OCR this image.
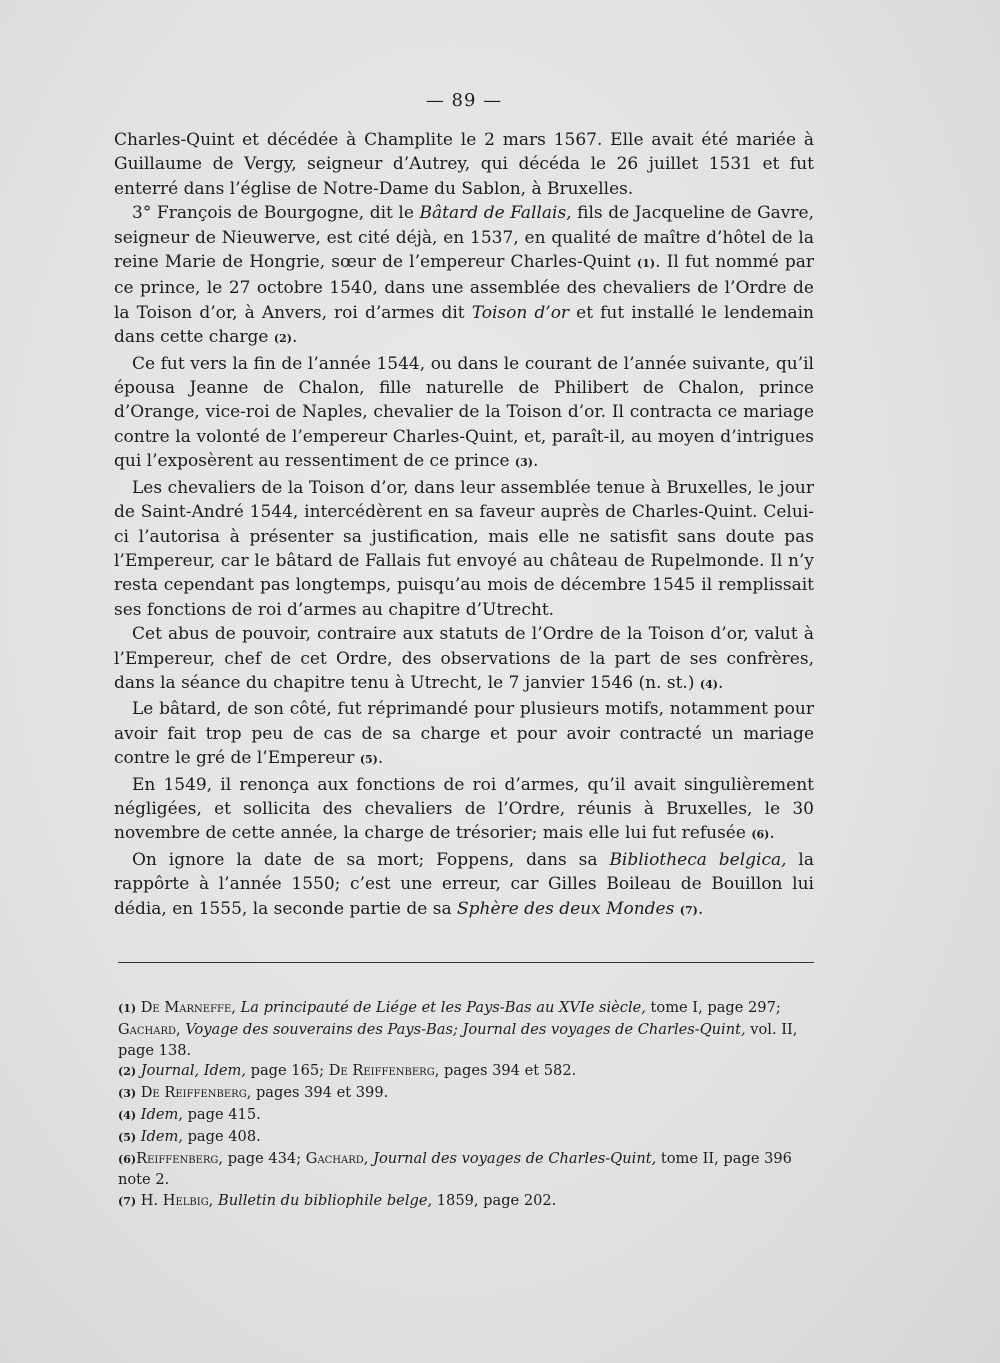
— 89 —

Charles-Quint et décédée à Champlite le 2 mars 1567. Elle avait été mariée à Guillaume de Vergy, seigneur d’Autrey, qui décéda le 26 juillet 1531 et fut enterré dans l’église de Notre-Dame du Sablon, à Bruxelles.

3° François de Bourgogne, dit le Bâtard de Fallais, fils de Jacqueline de Gavre, seigneur de Nieuwerve, est cité déjà, en 1537, en qualité de maître d’hôtel de la reine Marie de Hongrie, sœur de l’empereur Charles-Quint (1). Il fut nommé par ce prince, le 27 octobre 1540, dans une assemblée des chevaliers de l’Ordre de la Toison d’or, à Anvers, roi d’armes dit Toison d’or et fut installé le lendemain dans cette charge (2).

Ce fut vers la fin de l’année 1544, ou dans le courant de l’année suivante, qu’il épousa Jeanne de Chalon, fille naturelle de Philibert de Chalon, prince d’Orange, vice-roi de Naples, chevalier de la Toison d’or. Il contracta ce mariage contre la volonté de l’empereur Charles-Quint, et, paraît-il, au moyen d’intrigues qui l’exposèrent au ressentiment de ce prince (3).

Les chevaliers de la Toison d’or, dans leur assemblée tenue à Bruxelles, le jour de Saint-André 1544, intercédèrent en sa faveur auprès de Charles-Quint. Celui-ci l’autorisa à présenter sa justification, mais elle ne satisfit sans doute pas l’Empereur, car le bâtard de Fallais fut envoyé au château de Rupelmonde. Il n’y resta cependant pas longtemps, puisqu’au mois de décembre 1545 il remplissait ses fonctions de roi d’armes au chapitre d’Utrecht.

Cet abus de pouvoir, contraire aux statuts de l’Ordre de la Toison d’or, valut à l’Empereur, chef de cet Ordre, des observations de la part de ses confrères, dans la séance du chapitre tenu à Utrecht, le 7 janvier 1546 (n. st.) (4).

Le bâtard, de son côté, fut réprimandé pour plusieurs motifs, notamment pour avoir fait trop peu de cas de sa charge et pour avoir contracté un mariage contre le gré de l’Empereur (5).

En 1549, il renonça aux fonctions de roi d’armes, qu’il avait singulièrement négligées, et sollicita des chevaliers de l’Ordre, réunis à Bruxelles, le 30 novembre de cette année, la charge de trésorier; mais elle lui fut refusée (6).

On ignore la date de sa mort; Foppens, dans sa Bibliotheca belgica, la rappôrte à l’année 1550; c’est une erreur, car Gilles Boileau de Bouillon lui dédia, en 1555, la seconde partie de sa Sphère des deux Mondes (7).

(1) De Marneffe, La principauté de Liége et les Pays-Bas au XVIe siècle, tome I, page 297; Gachard, Voyage des souverains des Pays-Bas; Journal des voyages de Charles-Quint, vol. II, page 138.

(2) Journal, Idem, page 165; De Reiffenberg, pages 394 et 582.

(3) De Reiffenberg, pages 394 et 399.

(4) Idem, page 415.

(5) Idem, page 408.

(6)Reiffenberg, page 434; Gachard, Journal des voyages de Charles-Quint, tome II, page 396 note 2.

(7) H. Helbig, Bulletin du bibliophile belge, 1859, page 202.
